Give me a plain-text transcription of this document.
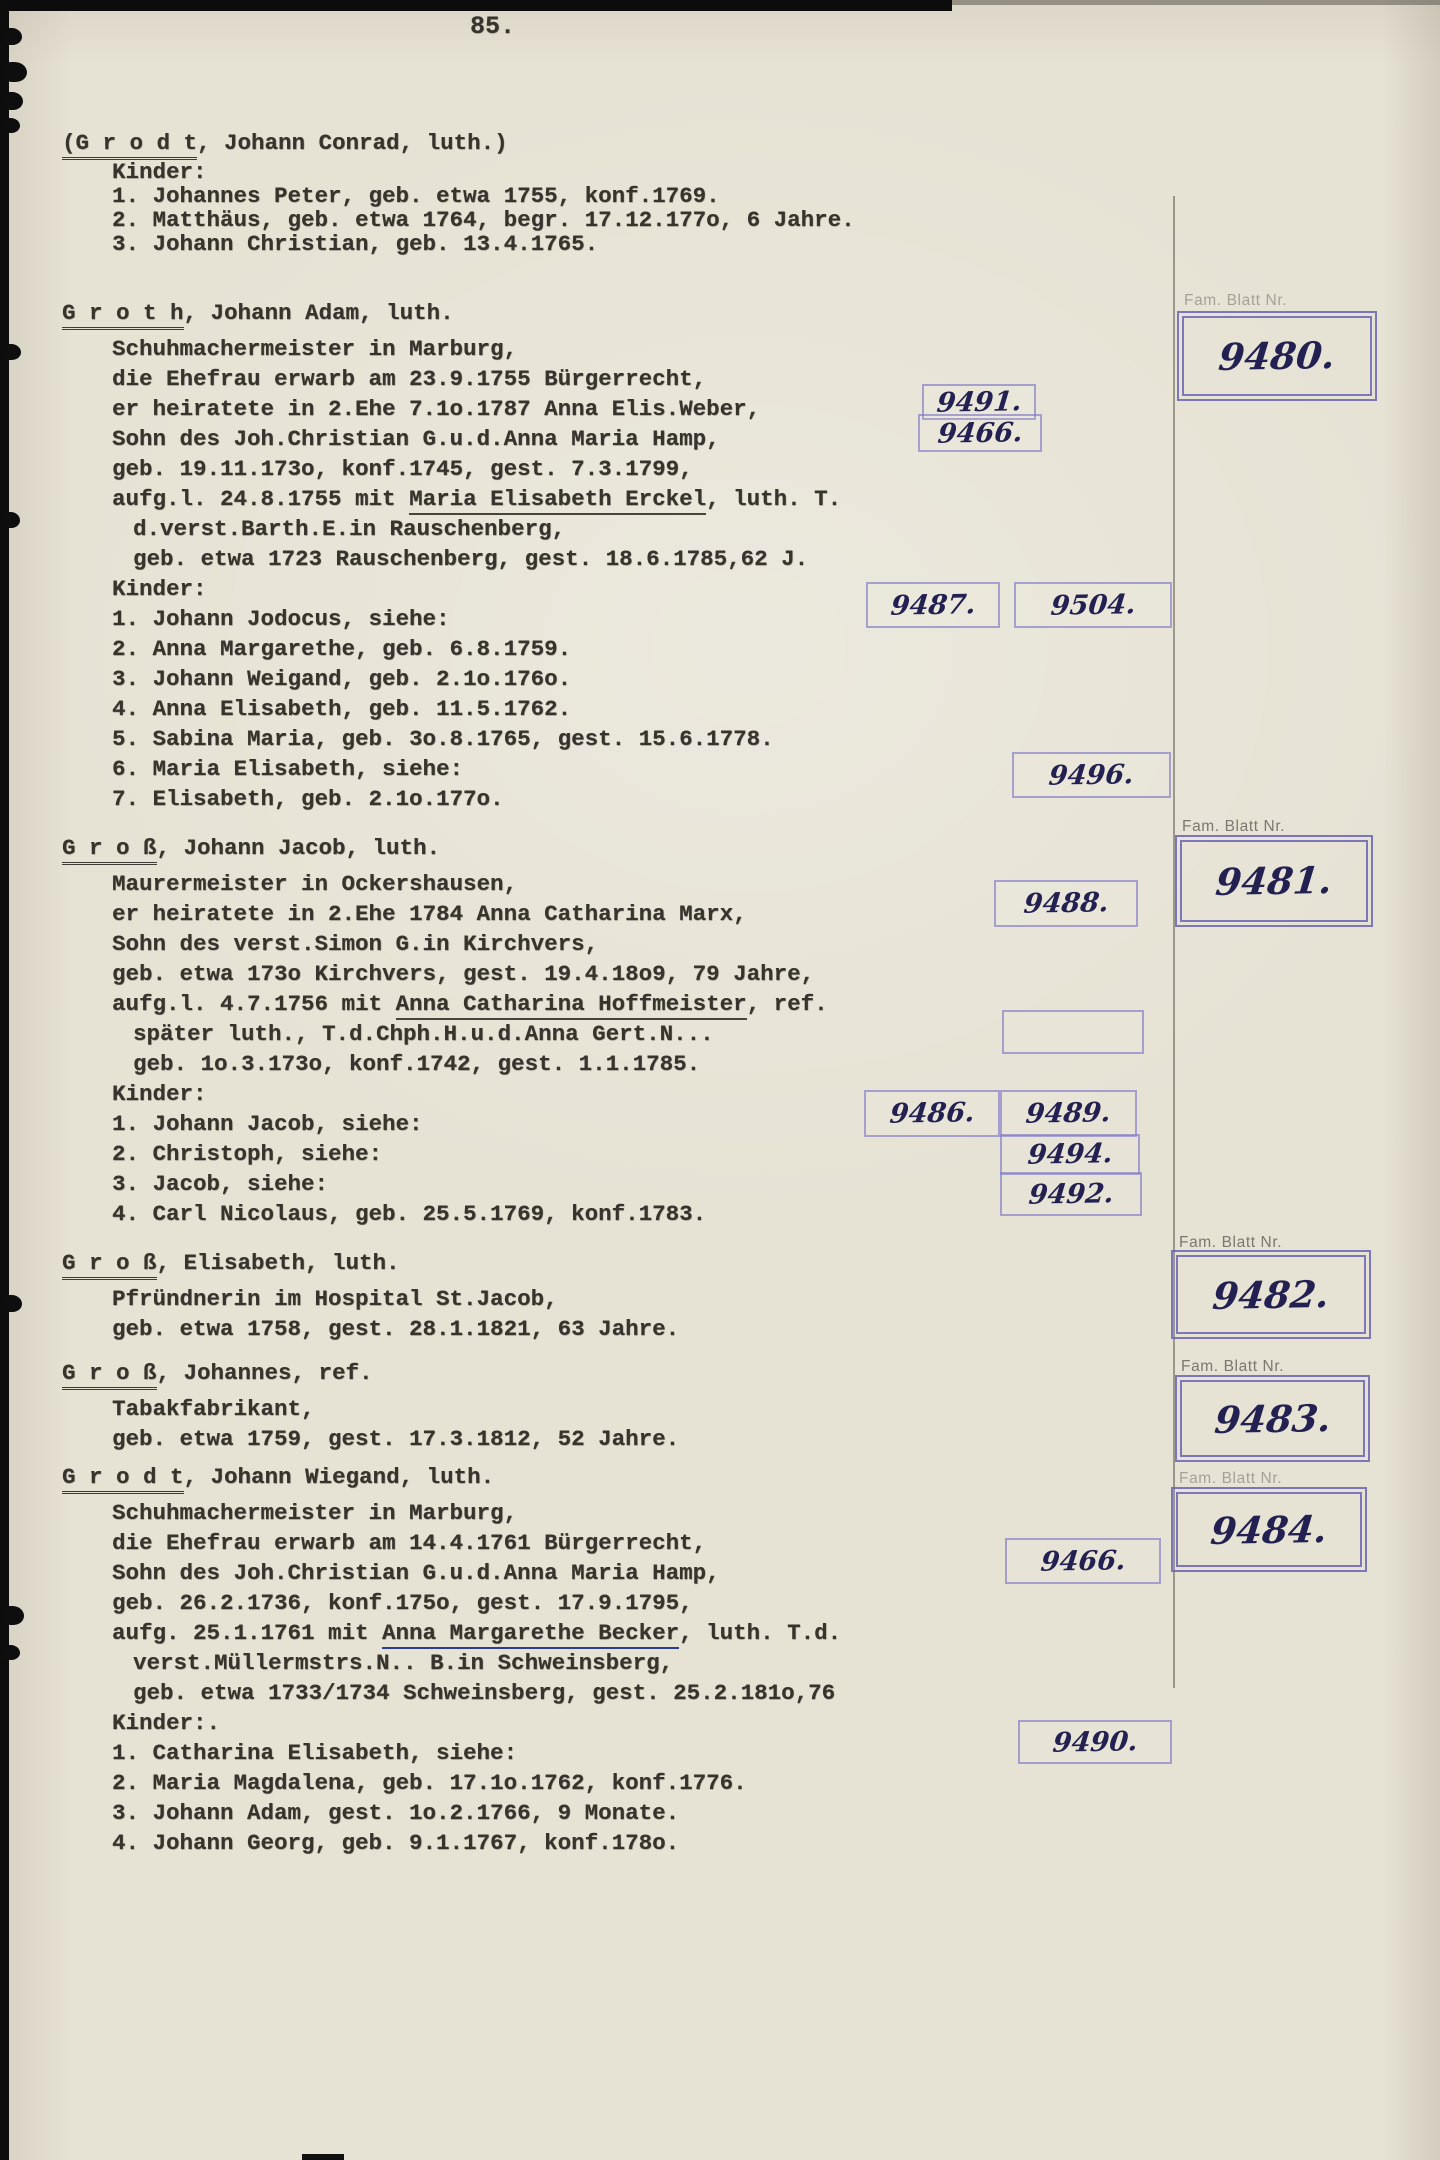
85.
(G r o d t, Johann Conrad, luth.)
Kinder:
1. Johannes Peter, geb. etwa 1755, konf.1769.
2. Matthäus, geb. etwa 1764, begr. 17.12.177o, 6 Jahre.
3. Johann Christian, geb. 13.4.1765.
G r o t h, Johann Adam, luth.
Schuhmachermeister in Marburg,
die Ehefrau erwarb am 23.9.1755 Bürgerrecht,
er heiratete in 2.Ehe 7.1o.1787 Anna Elis.Weber,
Sohn des Joh.Christian G.u.d.Anna Maria Hamp,
geb. 19.11.173o, konf.1745, gest. 7.3.1799,
aufg.l. 24.8.1755 mit Maria Elisabeth Erckel, luth. T.
d.verst.Barth.E.in Rauschenberg,
geb. etwa 1723 Rauschenberg, gest. 18.6.1785,62 J.
Kinder:
1. Johann Jodocus, siehe:
2. Anna Margarethe, geb. 6.8.1759.
3. Johann Weigand, geb. 2.1o.176o.
4. Anna Elisabeth, geb. 11.5.1762.
5. Sabina Maria, geb. 3o.8.1765, gest. 15.6.1778.
6. Maria Elisabeth, siehe:
7. Elisabeth, geb. 2.1o.177o.
G r o ß, Johann Jacob, luth.
Maurermeister in Ockershausen,
er heiratete in 2.Ehe 1784 Anna Catharina Marx,
Sohn des verst.Simon G.in Kirchvers,
geb. etwa 173o Kirchvers, gest. 19.4.18o9, 79 Jahre,
aufg.l. 4.7.1756 mit Anna Catharina Hoffmeister, ref.
später luth., T.d.Chph.H.u.d.Anna Gert.N...
geb. 1o.3.173o, konf.1742, gest. 1.1.1785.
Kinder:
1. Johann Jacob, siehe:
2. Christoph, siehe:
3. Jacob, siehe:
4. Carl Nicolaus, geb. 25.5.1769, konf.1783.
G r o ß, Elisabeth, luth.
Pfründnerin im Hospital St.Jacob,
geb. etwa 1758, gest. 28.1.1821, 63 Jahre.
G r o ß, Johannes, ref.
Tabakfabrikant,
geb. etwa 1759, gest. 17.3.1812, 52 Jahre.
G r o d t, Johann Wiegand, luth.
Schuhmachermeister in Marburg,
die Ehefrau erwarb am 14.4.1761 Bürgerrecht,
Sohn des Joh.Christian G.u.d.Anna Maria Hamp,
geb. 26.2.1736, konf.175o, gest. 17.9.1795,
aufg. 25.1.1761 mit Anna Margarethe Becker, luth. T.d.
verst.Müllermstrs.N.. B.in Schweinsberg,
geb. etwa 1733/1734 Schweinsberg, gest. 25.2.181o,76
Kinder:.
1. Catharina Elisabeth, siehe:
2. Maria Magdalena, geb. 17.1o.1762, konf.1776.
3. Johann Adam, gest. 1o.2.1766, 9 Monate.
4. Johann Georg, geb. 9.1.1767, konf.178o.
9491.
9466.
9487.	9504.
9496.
9488.
9486. 9489.
9494.
9492.
9466.
9490.
Fam. Blatt Nr.
9480.
Fam. Blatt Nr.
9481.
Fam. Blatt Nr.
9482.
Fam. Blatt Nr.
9483.
Fam. Blatt Nr.
9484.
